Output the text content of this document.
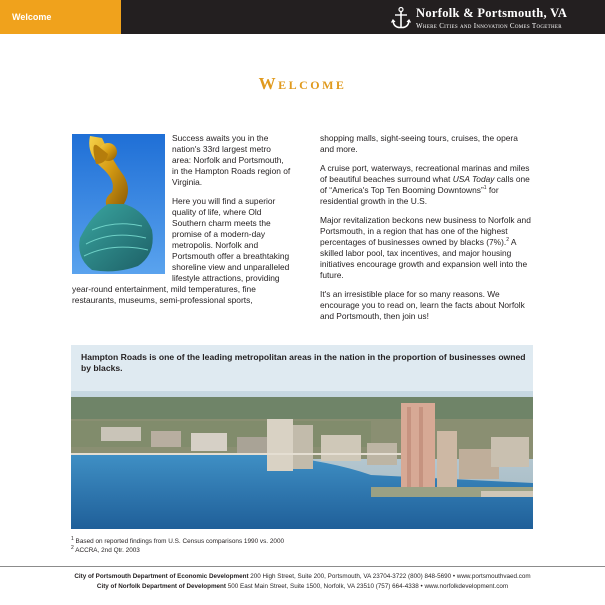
Welcome	Norfolk & Portsmouth, VA
Where Cities and Innovation Comes Together
Welcome

Success awaits you in the nation's 33rd largest metro area: Norfolk and Portsmouth, in the Hampton Roads region of Virginia.

Here you will find a superior quality of life, where Old Southern charm meets the promise of a modern-day metropolis. Norfolk and Portsmouth offer a breathtaking shoreline view and unparalleled lifestyle attractions, providing year-round entertainment, mild temperatures, fine restaurants, museums, semi-professional sports,

shopping malls, sight-seeing tours, cruises, the opera and more.

A cruise port, waterways, recreational marinas and miles of beautiful beaches surround what USA Today calls one of “America's Top Ten Booming Downtowns”$^1$ for residential growth in the U.S.

Major revitalization beckons new business to Norfolk and Portsmouth, in a region that has one of the highest percentages of businesses owned by blacks (7%).$^2$ A skilled labor pool, tax incentives, and major housing initiatives encourage growth and expansion well into the future.

It's an irresistible place for so many reasons. We encourage you to read on, learn the facts about Norfolk and Portsmouth, then join us!

Hampton Roads is one of the leading metropolitan areas in the nation in the proportion of businesses owned by blacks.
$^1$ Based on reported findings from U.S. Census comparisons 1990 vs. 2000
$^2$ ACCRA, 2nd Qtr. 2003
City of Portsmouth Department of Economic Development 200 High Street, Suite 200, Portsmouth, VA 23704-3722 (800) 848-5690 • www.portsmouthvaed.com
City of Norfolk Department of Development 500 East Main Street, Suite 1500, Norfolk, VA 23510 (757) 664-4338 • www.norfolkdevelopment.com
